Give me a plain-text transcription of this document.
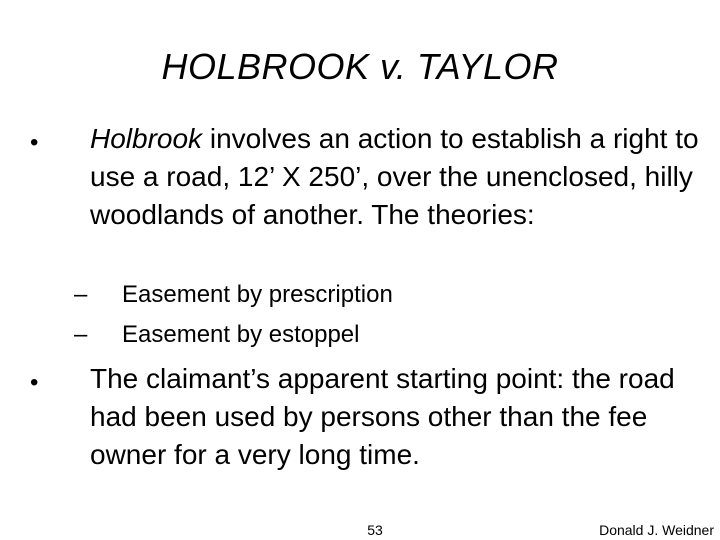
HOLBROOK v. TAYLOR
• Holbrook involves an action to establish a right to use a road, 12’ X 250’, over the unenclosed, hilly woodlands of another. The theories:
– Easement by prescription
– Easement by estoppel
• The claimant’s apparent starting point: the road had been used by persons other than the fee owner for a very long time.
53	Donald J. Weidner
